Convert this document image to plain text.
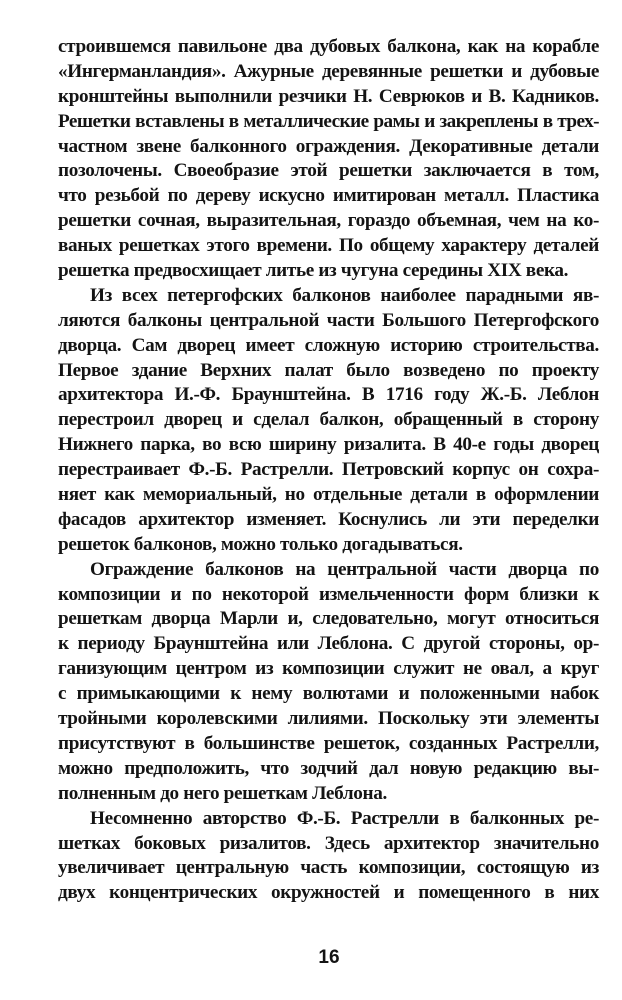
строившемся павильоне два дубовых балкона, как на корабле
«Ингерманландия». Ажурные деревянные решетки и дубовые
кронштейны выполнили резчики Н. Севрюков и В. Кадников.
Решетки вставлены в металлические рамы и закреплены в трех-
частном звене балконного ограждения. Декоративные детали
позолочены. Своеобразие этой решетки заключается в том,
что резьбой по дереву искусно имитирован металл. Пластика
решетки сочная, выразительная, гораздо объемная, чем на ко-
ваных решетках этого времени. По общему характеру деталей
решетка предвосхищает литье из чугуна середины XIX века.
Из всех петергофских балконов наиболее парадными яв-
ляются балконы центральной части Большого Петергофского
дворца. Сам дворец имеет сложную историю строительства.
Первое здание Верхних палат было возведено по проекту
архитектора И.-Ф. Браунштейна. В 1716 году Ж.-Б. Леблон
перестроил дворец и сделал балкон, обращенный в сторону
Нижнего парка, во всю ширину ризалита. В 40-е годы дворец
перестраивает Ф.-Б. Растрелли. Петровский корпус он сохра-
няет как мемориальный, но отдельные детали в оформлении
фасадов архитектор изменяет. Коснулись ли эти переделки
решеток балконов, можно только догадываться.
Ограждение балконов на центральной части дворца по
композиции и по некоторой измельченности форм близки к
решеткам дворца Марли и, следовательно, могут относиться
к периоду Браунштейна или Леблона. С другой стороны, ор-
ганизующим центром из композиции служит не овал, а круг
с примыкающими к нему волютами и положенными набок
тройными королевскими лилиями. Поскольку эти элементы
присутствуют в большинстве решеток, созданных Растрелли,
можно предположить, что зодчий дал новую редакцию вы-
полненным до него решеткам Леблона.
Несомненно авторство Ф.-Б. Растрелли в балконных ре-
шетках боковых ризалитов. Здесь архитектор значительно
увеличивает центральную часть композиции, состоящую из
двух концентрических окружностей и помещенного в них
16
